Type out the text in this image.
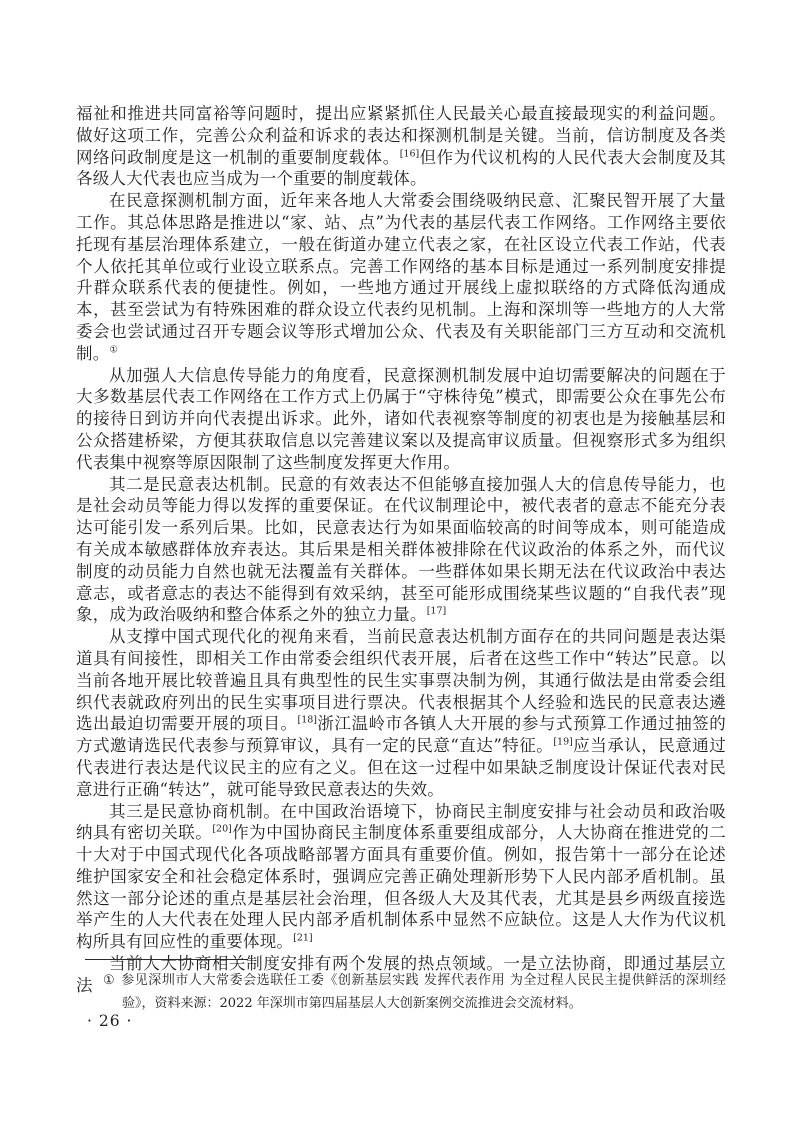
福祉和推进共同富裕等问题时，提出应紧紧抓住人民最关心最直接最现实的利益问题。做好这项工作，完善公众利益和诉求的表达和探测机制是关键。当前，信访制度及各类网络问政制度是这一机制的重要制度载体。[16]但作为代议机构的人民代表大会制度及其各级人大代表也应当成为一个重要的制度载体。

在民意探测机制方面，近年来各地人大常委会围绕吸纳民意、汇聚民智开展了大量工作。其总体思路是推进以“家、站、点”为代表的基层代表工作网络。工作网络主要依托现有基层治理体系建立，一般在街道办建立代表之家，在社区设立代表工作站，代表个人依托其单位或行业设立联系点。完善工作网络的基本目标是通过一系列制度安排提升群众联系代表的便捷性。例如，一些地方通过开展线上虚拟联络的方式降低沟通成本，甚至尝试为有特殊困难的群众设立代表约见机制。上海和深圳等一些地方的人大常委会也尝试通过召开专题会议等形式增加公众、代表及有关职能部门三方互动和交流机制。①

从加强人大信息传导能力的角度看，民意探测机制发展中迫切需要解决的问题在于大多数基层代表工作网络在工作方式上仍属于“守株待兔”模式，即需要公众在事先公布的接待日到访并向代表提出诉求。此外，诸如代表视察等制度的初衷也是为接触基层和公众搭建桥梁，方便其获取信息以完善建议案以及提高审议质量。但视察形式多为组织代表集中视察等原因限制了这些制度发挥更大作用。

其二是民意表达机制。民意的有效表达不但能够直接加强人大的信息传导能力，也是社会动员等能力得以发挥的重要保证。在代议制理论中，被代表者的意志不能充分表达可能引发一系列后果。比如，民意表达行为如果面临较高的时间等成本，则可能造成有关成本敏感群体放弃表达。其后果是相关群体被排除在代议政治的体系之外，而代议制度的动员能力自然也就无法覆盖有关群体。一些群体如果长期无法在代议政治中表达意志，或者意志的表达不能得到有效采纳，甚至可能形成围绕某些议题的“自我代表”现象，成为政治吸纳和整合体系之外的独立力量。[17]

从支撑中国式现代化的视角来看，当前民意表达机制方面存在的共同问题是表达渠道具有间接性，即相关工作由常委会组织代表开展，后者在这些工作中“转达”民意。以当前各地开展比较普遍且具有典型性的民生实事票决制为例，其通行做法是由常委会组织代表就政府列出的民生实事项目进行票决。代表根据其个人经验和选民的民意表达遴选出最迫切需要开展的项目。[18]浙江温岭市各镇人大开展的参与式预算工作通过抽签的方式邀请选民代表参与预算审议，具有一定的民意“直达”特征。[19]应当承认，民意通过代表进行表达是代议民主的应有之义。但在这一过程中如果缺乏制度设计保证代表对民意进行正确“转达”，就可能导致民意表达的失效。

其三是民意协商机制。在中国政治语境下，协商民主制度安排与社会动员和政治吸纳具有密切关联。[20]作为中国协商民主制度体系重要组成部分，人大协商在推进党的二十大对于中国式现代化各项战略部署方面具有重要价值。例如，报告第十一部分在论述维护国家安全和社会稳定体系时，强调应完善正确处理新形势下人民内部矛盾机制。虽然这一部分论述的重点是基层社会治理，但各级人大及其代表，尤其是县乡两级直接选举产生的人大代表在处理人民内部矛盾机制体系中显然不应缺位。这是人大作为代议机构所具有回应性的重要体现。[21]

当前人大协商相关制度安排有两个发展的热点领域。一是立法协商，即通过基层立法 ① 参见深圳市人大常委会选联任工委《创新基层实践 发挥代表作用 为全过程人民民主提供鲜活的深圳经验》，资料来源：2022 年深圳市第四届基层人大创新案例交流推进会交流材料。
· 26 ·
